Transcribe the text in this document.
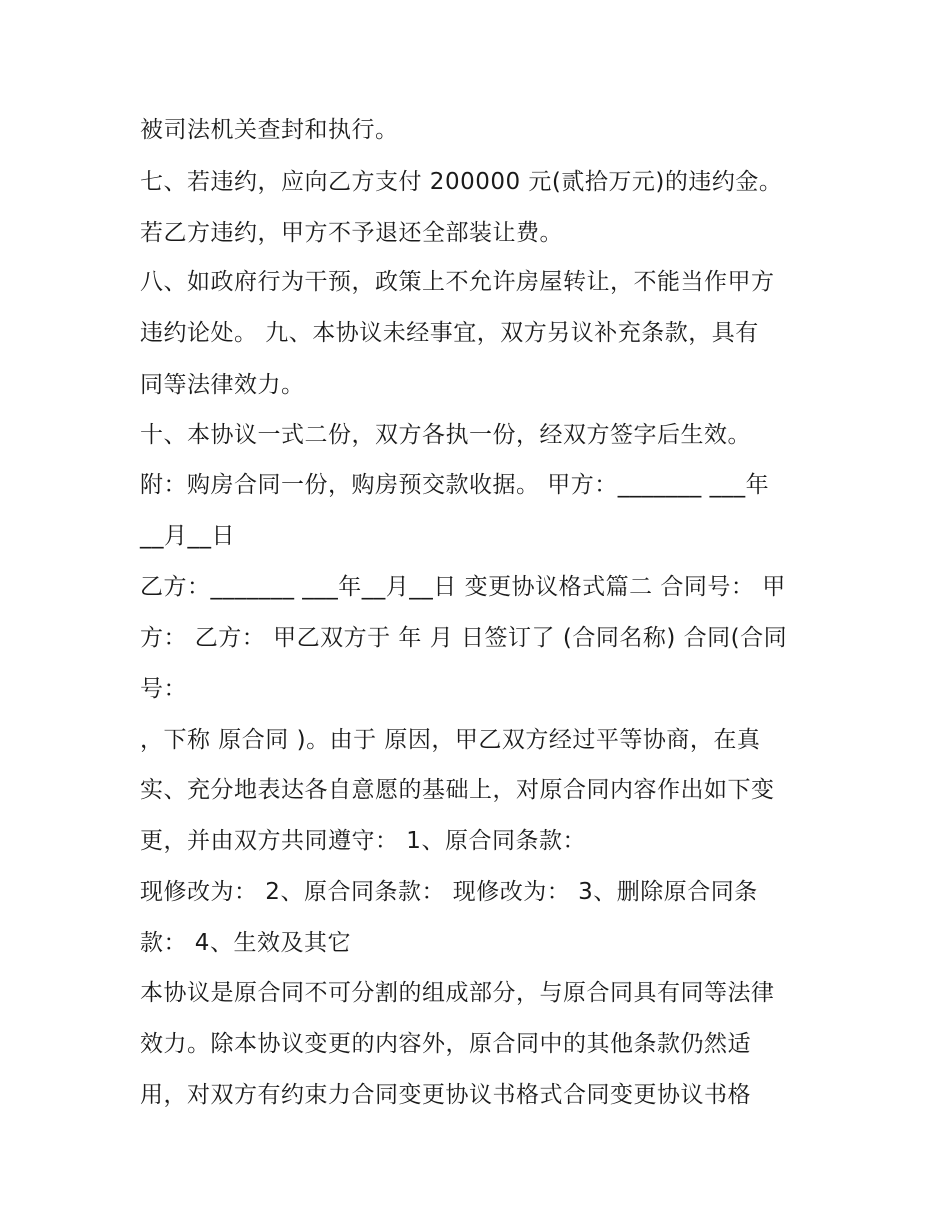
被司法机关查封和执行。
七、若违约，应向乙方支付 200000 元(贰拾万元)的违约金。
若乙方违约，甲方不予退还全部装让费。
八、如政府行为干预，政策上不允许房屋转让，不能当作甲方
违约论处。 九、本协议未经事宜，双方另议补充条款，具有
同等法律效力。
十、本协议一式二份，双方各执一份，经双方签字后生效。
附：购房合同一份，购房预交款收据。 甲方：_______ ___年
__月__日
乙方：_______ ___年__月__日 变更协议格式篇二 合同号： 甲
方： 乙方： 甲乙双方于 年 月 日签订了 (合同名称) 合同(合同
号：
，下称 原合同 )。由于 原因，甲乙双方经过平等协商，在真
实、充分地表达各自意愿的基础上，对原合同内容作出如下变
更，并由双方共同遵守： 1、原合同条款：
现修改为： 2、原合同条款： 现修改为： 3、删除原合同条
款： 4、生效及其它
本协议是原合同不可分割的组成部分，与原合同具有同等法律
效力。除本协议变更的内容外，原合同中的其他条款仍然适
用，对双方有约束力合同变更协议书格式合同变更协议书格
